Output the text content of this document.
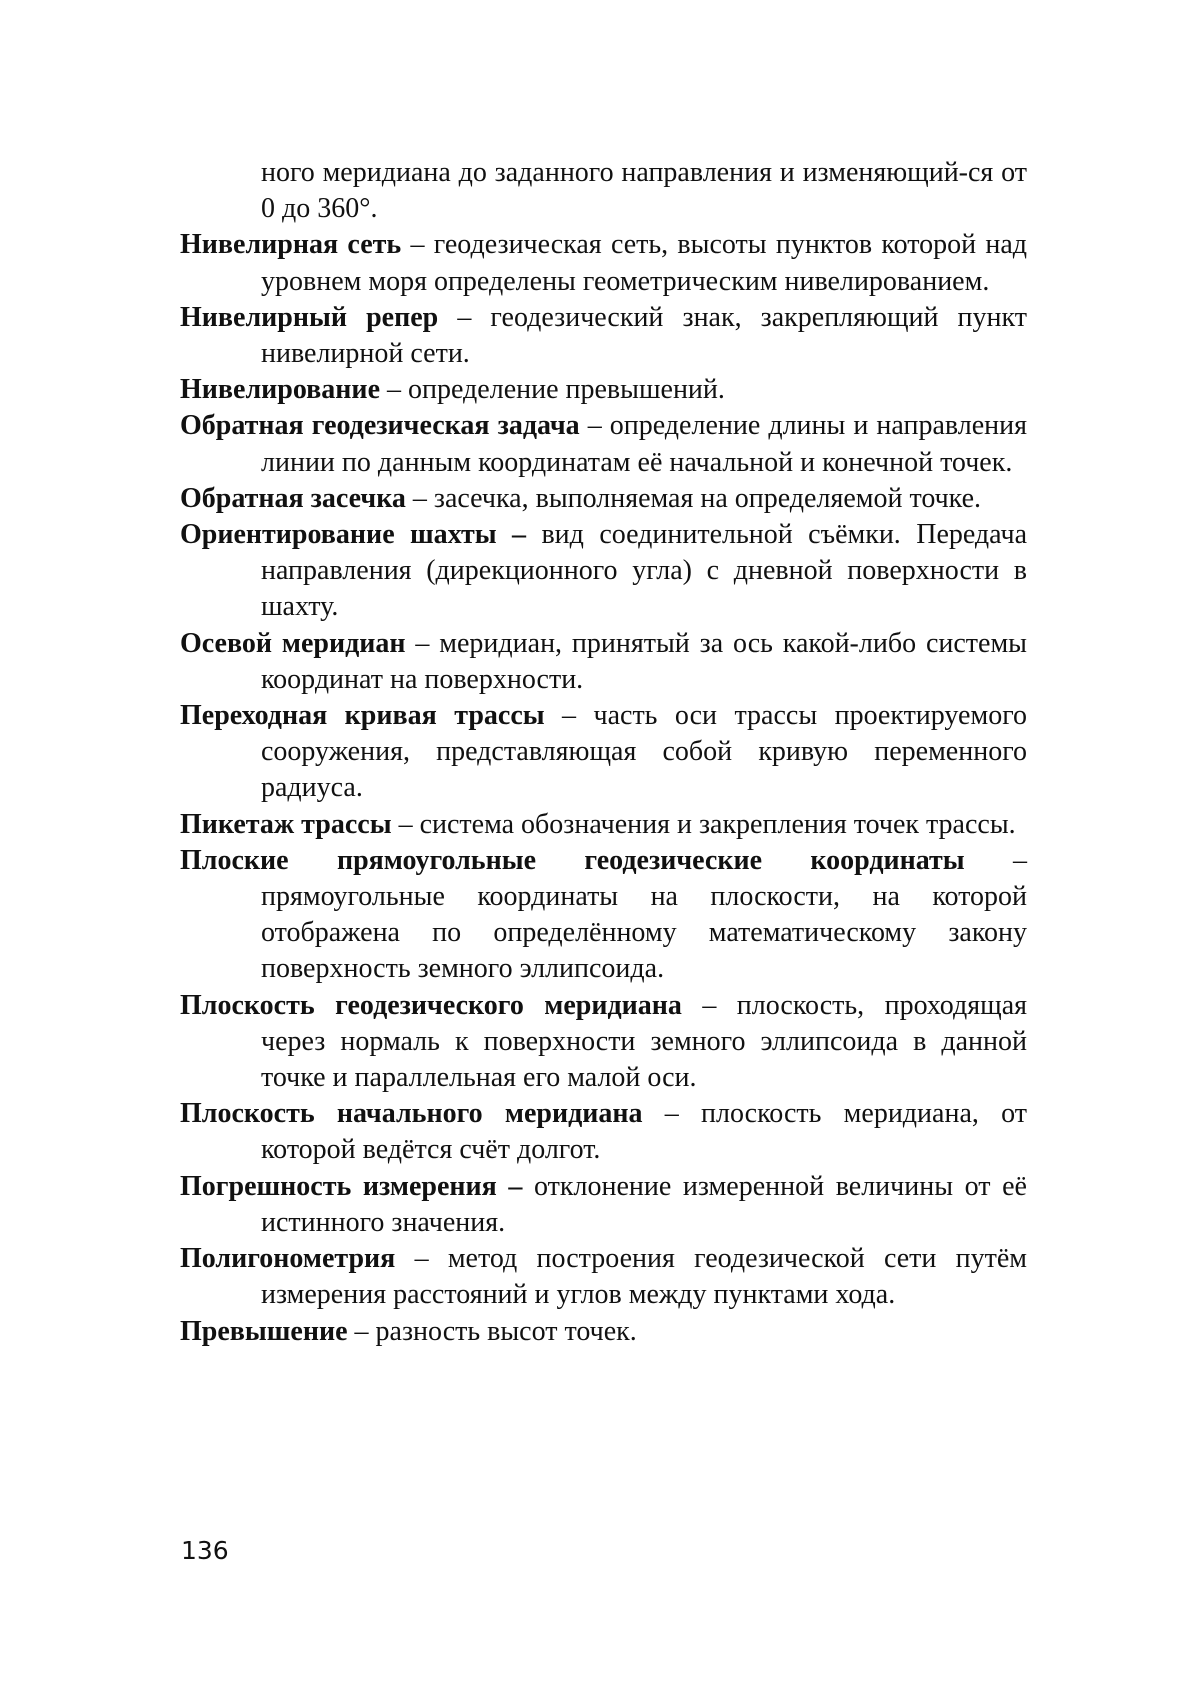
ного меридиана до заданного направления и изменяющий-ся от 0 до 360°.

Нивелирная сеть – геодезическая сеть, высоты пунктов которой над уровнем моря определены геометрическим нивелированием.

Нивелирный репер – геодезический знак, закрепляющий пункт нивелирной сети.

Нивелирование – определение превышений.

Обратная геодезическая задача – определение длины и направления линии по данным координатам её начальной и конечной точек.

Обратная засечка – засечка, выполняемая на определяемой точке.

Ориентирование шахты – вид соединительной съёмки. Передача направления (дирекционного угла) с дневной поверхности в шахту.

Осевой меридиан – меридиан, принятый за ось какой-либо системы координат на поверхности.

Переходная кривая трассы – часть оси трассы проектируемого сооружения, представляющая собой кривую переменного радиуса.

Пикетаж трассы – система обозначения и закрепления точек трассы.

Плоские прямоугольные геодезические координаты – прямоугольные координаты на плоскости, на которой отображена по определённому математическому закону поверхность земного эллипсоида.

Плоскость геодезического меридиана – плоскость, проходящая через нормаль к поверхности земного эллипсоида в данной точке и параллельная его малой оси.

Плоскость начального меридиана – плоскость меридиана, от которой ведётся счёт долгот.

Погрешность измерения – отклонение измеренной величины от её истинного значения.

Полигонометрия – метод построения геодезической сети путём измерения расстояний и углов между пунктами хода.

Превышение – разность высот точек.

136
